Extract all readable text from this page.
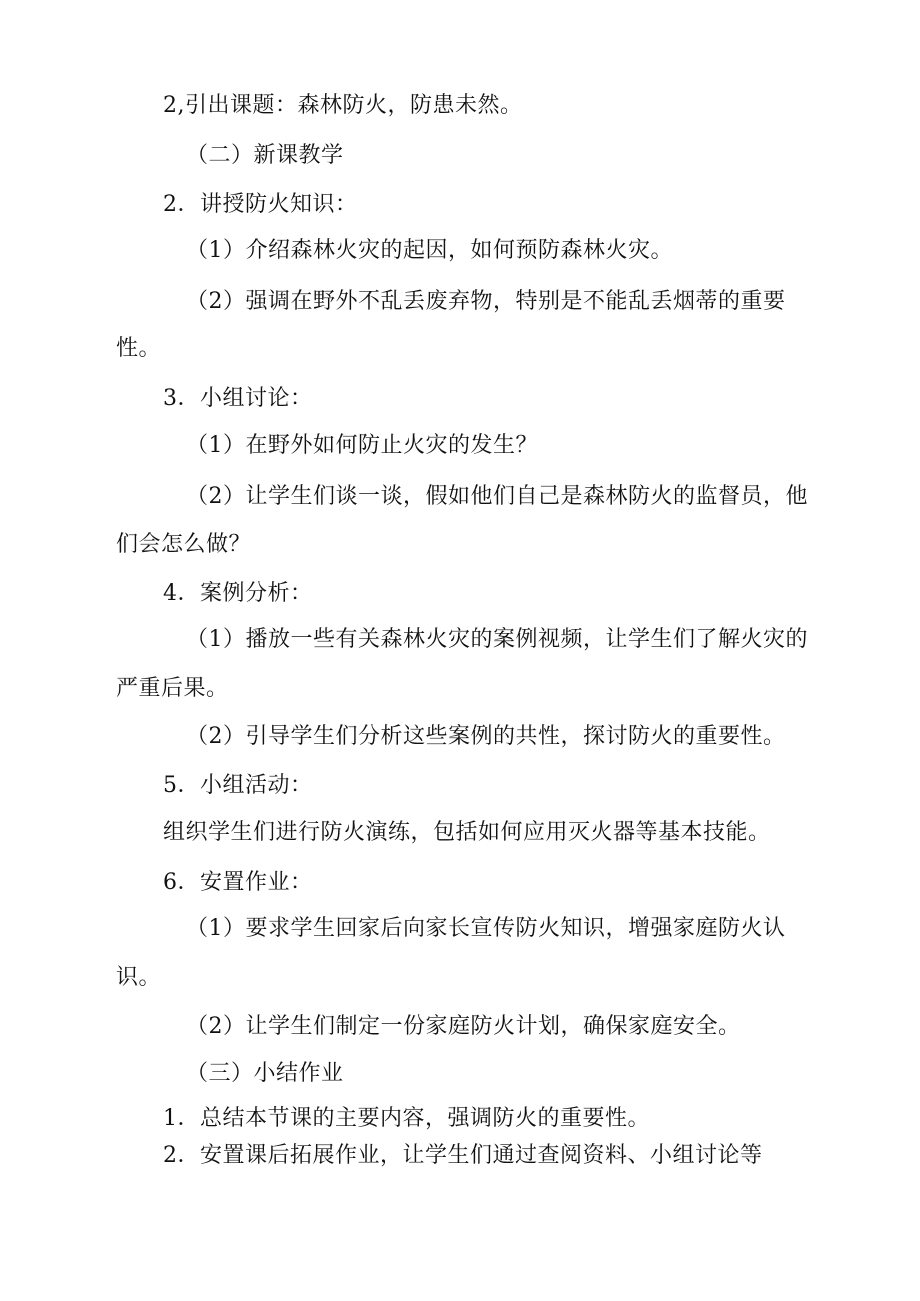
2,引出课题：森林防火，防患未然。
（二）新课教学
2．讲授防火知识：
（1）介绍森林火灾的起因，如何预防森林火灾。
（2）强调在野外不乱丢废弃物，特别是不能乱丢烟蒂的重要
性。
3．小组讨论：
（1）在野外如何防止火灾的发生？
（2）让学生们谈一谈，假如他们自己是森林防火的监督员，他
们会怎么做？
4．案例分析：
（1）播放一些有关森林火灾的案例视频，让学生们了解火灾的
严重后果。
（2）引导学生们分析这些案例的共性，探讨防火的重要性。
5．小组活动：
组织学生们进行防火演练，包括如何应用灭火器等基本技能。
6．安置作业：
（1）要求学生回家后向家长宣传防火知识，增强家庭防火认
识。
（2）让学生们制定一份家庭防火计划，确保家庭安全。
（三）小结作业
1．总结本节课的主要内容，强调防火的重要性。
2．安置课后拓展作业，让学生们通过查阅资料、小组讨论等
